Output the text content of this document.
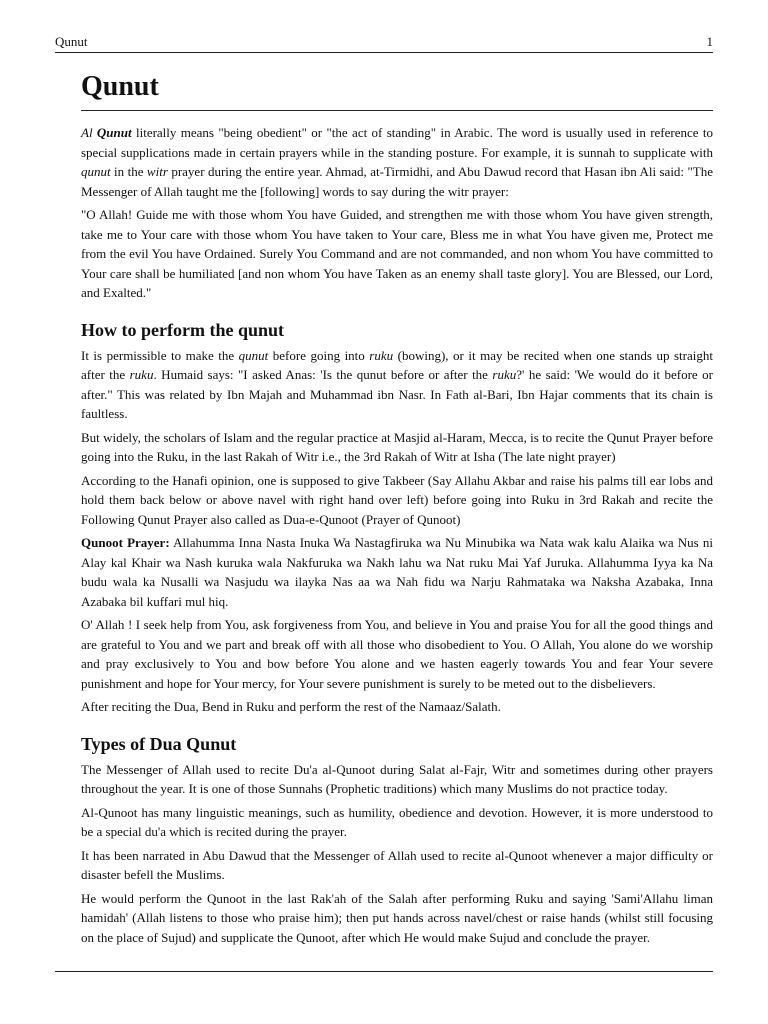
Qunut	1
Qunut

Al Qunut literally means "being obedient" or "the act of standing" in Arabic. The word is usually used in reference to special supplications made in certain prayers while in the standing posture. For example, it is sunnah to supplicate with qunut in the witr prayer during the entire year. Ahmad, at-Tirmidhi, and Abu Dawud record that Hasan ibn Ali said: "The Messenger of Allah taught me the [following] words to say during the witr prayer:

"O Allah! Guide me with those whom You have Guided, and strengthen me with those whom You have given strength, take me to Your care with those whom You have taken to Your care, Bless me in what You have given me, Protect me from the evil You have Ordained. Surely You Command and are not commanded, and non whom You have committed to Your care shall be humiliated [and non whom You have Taken as an enemy shall taste glory]. You are Blessed, our Lord, and Exalted."

How to perform the qunut

It is permissible to make the qunut before going into ruku (bowing), or it may be recited when one stands up straight after the ruku. Humaid says: "I asked Anas: 'Is the qunut before or after the ruku?' he said: 'We would do it before or after." This was related by Ibn Majah and Muhammad ibn Nasr. In Fath al-Bari, Ibn Hajar comments that its chain is faultless.

But widely, the scholars of Islam and the regular practice at Masjid al-Haram, Mecca, is to recite the Qunut Prayer before going into the Ruku, in the last Rakah of Witr i.e., the 3rd Rakah of Witr at Isha (The late night prayer)

According to the Hanafi opinion, one is supposed to give Takbeer (Say Allahu Akbar and raise his palms till ear lobs and hold them back below or above navel with right hand over left) before going into Ruku in 3rd Rakah and recite the Following Qunut Prayer also called as Dua-e-Qunoot (Prayer of Qunoot)

Qunoot Prayer: Allahumma Inna Nasta Inuka Wa Nastagfiruka wa Nu Minubika wa Nata wak kalu Alaika wa Nus ni Alay kal Khair wa Nash kuruka wala Nakfuruka wa Nakh lahu wa Nat ruku Mai Yaf Juruka. Allahumma Iyya ka Na budu wala ka Nusalli wa Nasjudu wa ilayka Nas aa wa Nah fidu wa Narju Rahmataka wa Naksha Azabaka, Inna Azabaka bil kuffari mul hiq.

O' Allah ! I seek help from You, ask forgiveness from You, and believe in You and praise You for all the good things and are grateful to You and we part and break off with all those who disobedient to You. O Allah, You alone do we worship and pray exclusively to You and bow before You alone and we hasten eagerly towards You and fear Your severe punishment and hope for Your mercy, for Your severe punishment is surely to be meted out to the disbelievers.

After reciting the Dua, Bend in Ruku and perform the rest of the Namaaz/Salath.

Types of Dua Qunut

The Messenger of Allah used to recite Du'a al-Qunoot during Salat al-Fajr, Witr and sometimes during other prayers throughout the year. It is one of those Sunnahs (Prophetic traditions) which many Muslims do not practice today.

Al-Qunoot has many linguistic meanings, such as humility, obedience and devotion. However, it is more understood to be a special du'a which is recited during the prayer.

It has been narrated in Abu Dawud that the Messenger of Allah used to recite al-Qunoot whenever a major difficulty or disaster befell the Muslims.

He would perform the Qunoot in the last Rak'ah of the Salah after performing Ruku and saying 'Sami'Allahu liman hamidah' (Allah listens to those who praise him); then put hands across navel/chest or raise hands (whilst still focusing on the place of Sujud) and supplicate the Qunoot, after which He would make Sujud and conclude the prayer.
